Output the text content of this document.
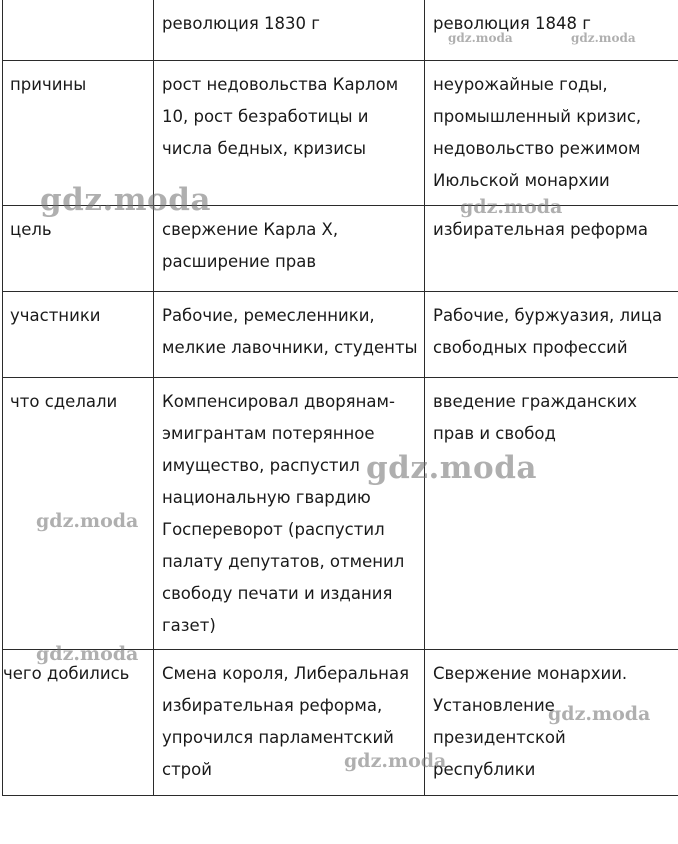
	революция 1830 г	революция 1848 г

причины	рост недовольства Карлом 10, рост безработицы и числа бедных, кризисы	неурожайные годы, промышленный кризис, недовольство режимом Июльской монархии

цель	свержение Карла X, расширение прав	избирательная реформа

участники	Рабочие, ремесленники, мелкие лавочники, студенты	Рабочие, буржуазия, лица свободных профессий

что сделали	Компенсировал дворянам-эмигрантам потерянное имущество, распустил национальную гвардию Госпереворот (распустил палату депутатов, отменил свободу печати и издания газет)	введение гражданских прав и свобод

чего добились	Смена короля, Либеральная избирательная реформа, упрочился парламентский строй	Свержение монархии. Установление президентской республики
gdz.moda	gdz.moda
gdz.moda	gdz.moda
gdz.moda
gdz.moda
gdz.moda
gdz.moda
gdz.moda
